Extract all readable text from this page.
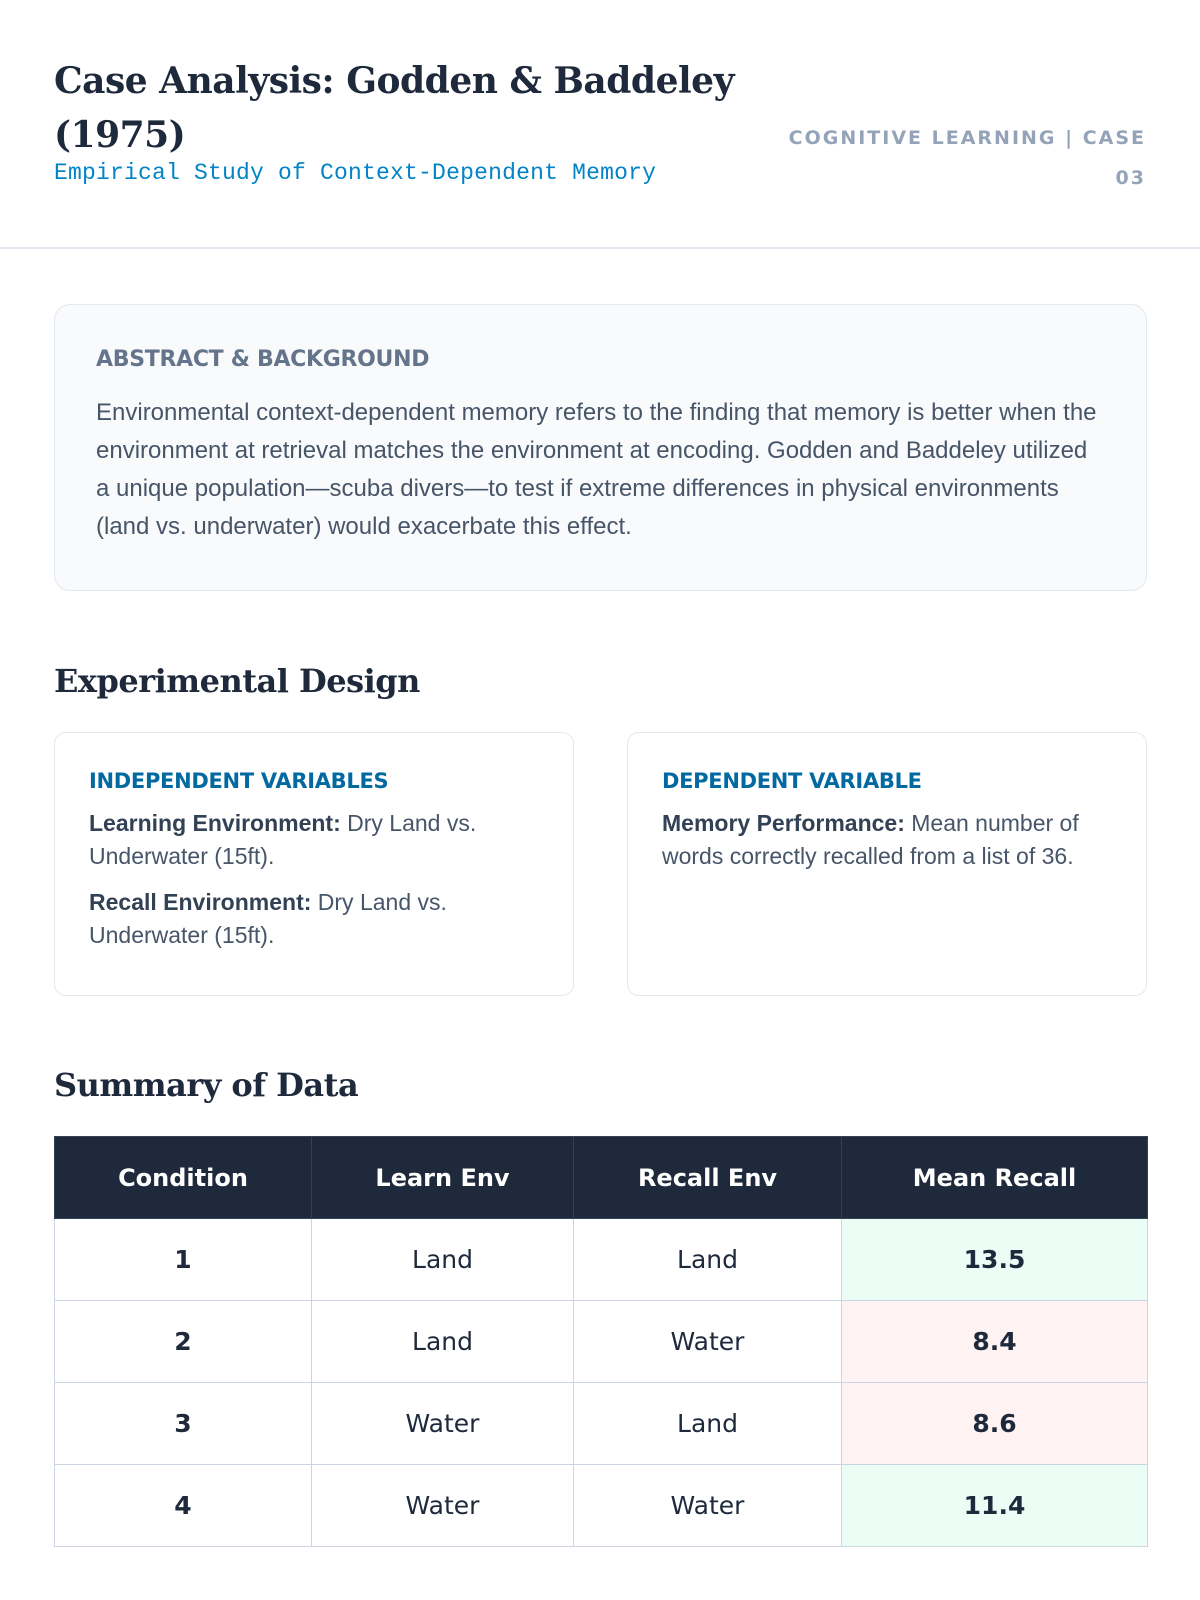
Case Analysis: Godden & Baddeley (1975)
Empirical Study of Context-Dependent Memory
COGNITIVE LEARNING | CASE
03
ABSTRACT & BACKGROUND

Environmental context-dependent memory refers to the finding that memory is better when the environment at retrieval matches the environment at encoding. Godden and Baddeley utilized a unique population—scuba divers—to test if extreme differences in physical environments (land vs. underwater) would exacerbate this effect.

Experimental Design
INDEPENDENT VARIABLES

Learning Environment: Dry Land vs. Underwater (15ft).

Recall Environment: Dry Land vs. Underwater (15ft).

DEPENDENT VARIABLE

Memory Performance: Mean number of words correctly recalled from a list of 36.

Summary of Data
Condition	Learn Env	Recall Env	Mean Recall
1	Land	Land	13.5
2	Land	Water	8.4
3	Water	Land	8.6
4	Water	Water	11.4
